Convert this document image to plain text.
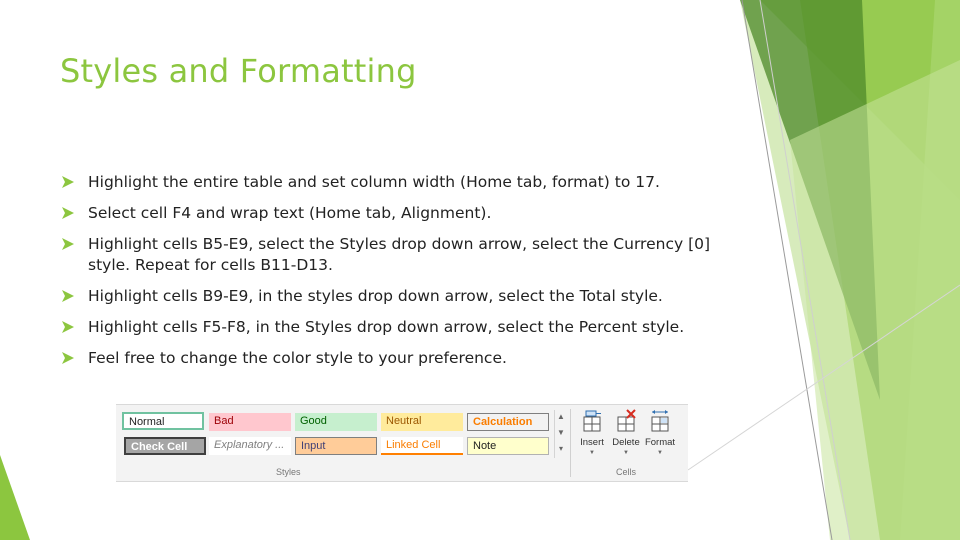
Styles and Formatting
Highlight the entire table and set column width (Home tab, format) to 17.
Select cell F4 and wrap text (Home tab, Alignment).
Highlight cells B5-E9, select the Styles drop down arrow, select the Currency [0] style. Repeat for cells B11-D13.
Highlight cells B9-E9, in the styles drop down arrow, select the Total style.
Highlight cells F5-F8, in the Styles drop down arrow, select the Percent style.
Feel free to change the color style to your preference.
Normal	Bad	Good	Neutral	Calculation
Check Cell	Explanatory ...	Input	Linked Cell	Note
▲
▼
▾
Styles
Insert
▼
Delete
▼
Format
▼
Cells
